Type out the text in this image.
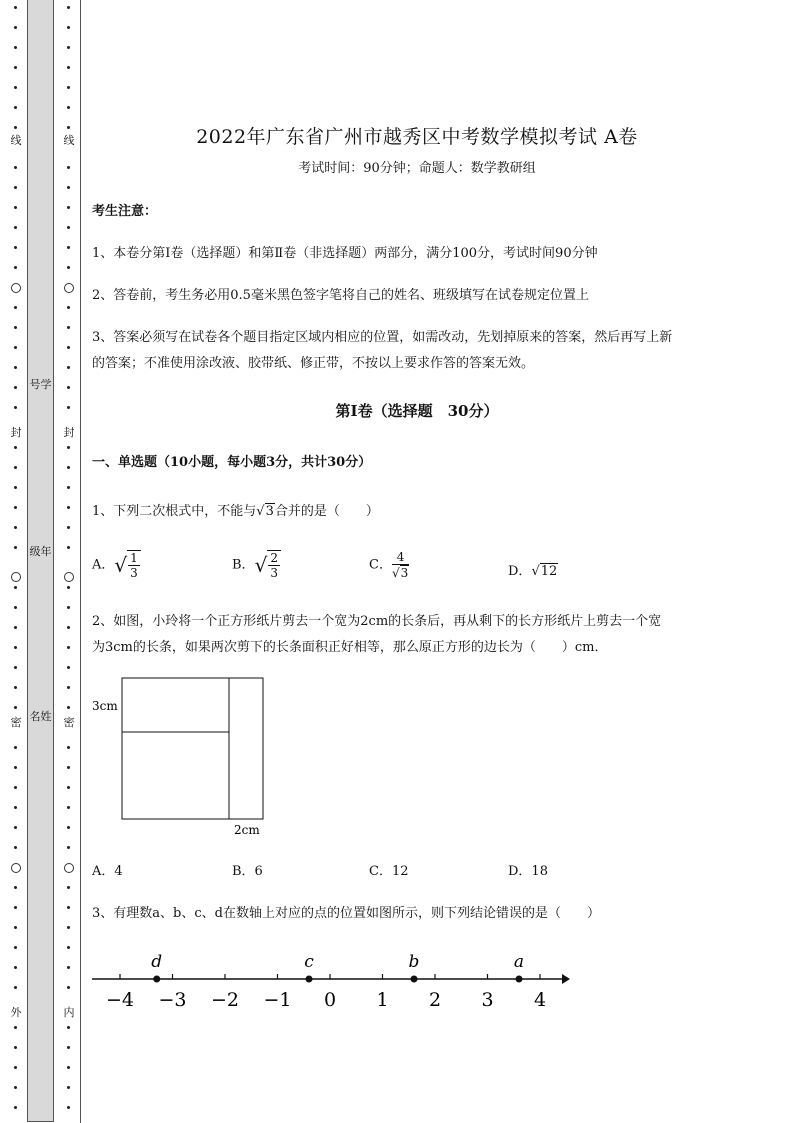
线
封
密
外
号学
级年
名姓
线
封
密
内
2022年广东省广州市越秀区中考数学模拟考试 A卷
考试时间：90分钟；命题人：数学教研组
考生注意：
1、本卷分第I卷（选择题）和第Ⅱ卷（非选择题）两部分，满分100分，考试时间90分钟
2、答卷前，考生务必用0.5毫米黑色签字笔将自己的姓名、班级填写在试卷规定位置上
3、答案必须写在试卷各个题目指定区域内相应的位置，如需改动，先划掉原来的答案，然后再写上新
的答案；不准使用涂改液、胶带纸、修正带，不按以上要求作答的答案无效。
第I卷（选择题　30分）
一、单选题（10小题，每小题3分，共计30分）
1、下列二次根式中，不能与√3合并的是（　　）
A．√ $\frac{1}{3}$	B．√ $\frac{2}{3}$	C． $\frac{4}{√3}$	D．√12
2、如图，小玲将一个正方形纸片剪去一个宽为2cm的长条后，再从剩下的长方形纸片上剪去一个宽
为3cm的长条，如果两次剪下的长条面积正好相等，那么原正方形的边长为（　　）cm．
3cm
2cm
A．4	B．6	C．12	D．18
3、有理数a、b、c、d在数轴上对应的点的位置如图所示，则下列结论错误的是（　　）
−4 −3 −2 −1 0 1 2 3 4
d	c	b	a
